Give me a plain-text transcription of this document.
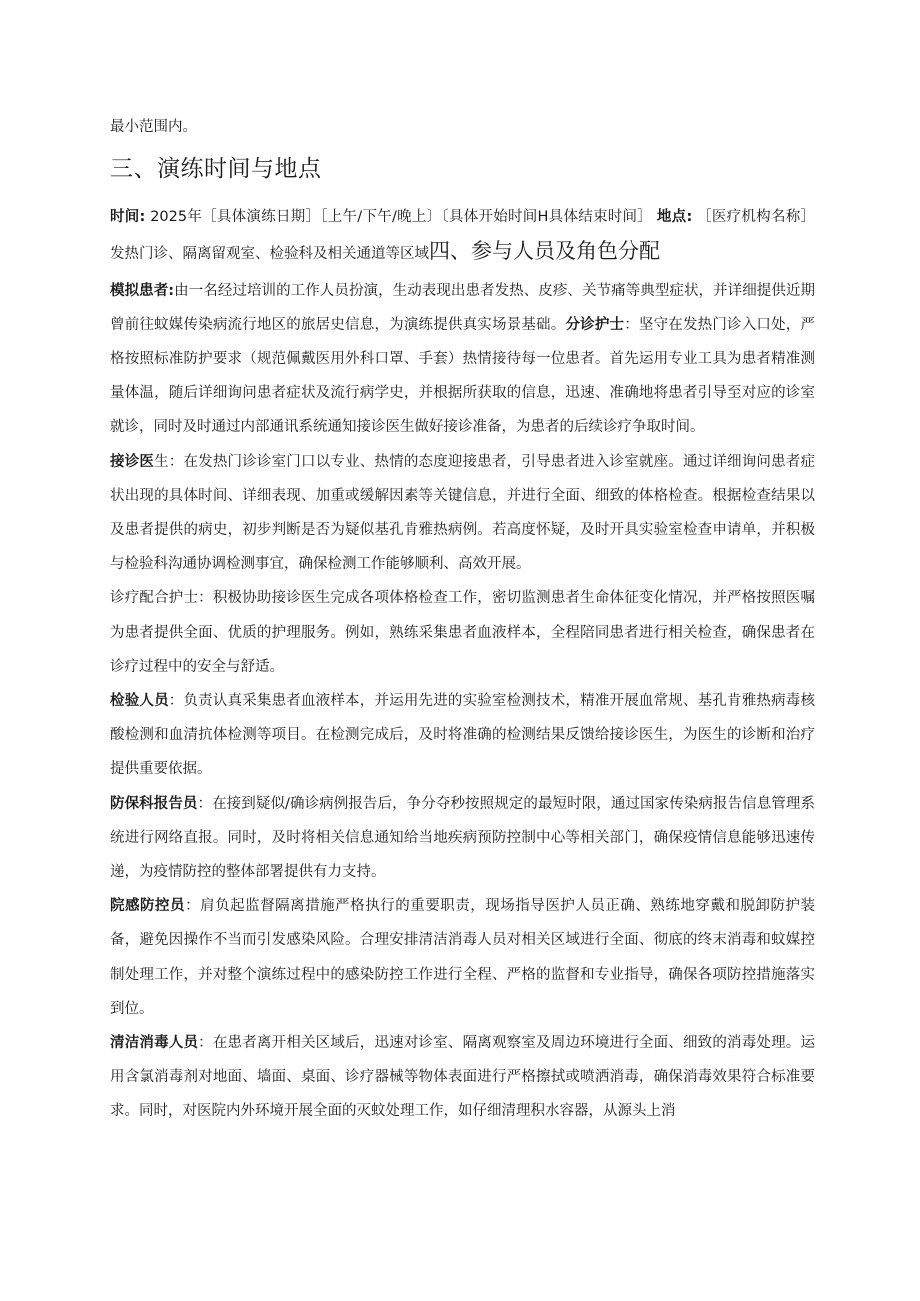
最小范围内。

三、演练时间与地点

时间: 2025年［具体演练日期］［上午/下午/晚上〕〔具体开始时间H具体结束时间］ 地点: ［医疗机构名称］发热门诊、隔离留观室、检验科及相关通道等区域四、参与人员及角色分配

模拟患者:由一名经过培训的工作人员扮演，生动表现出患者发热、皮疹、关节痛等典型症状，并详细提供近期曾前往蚊媒传染病流行地区的旅居史信息，为演练提供真实场景基础。分诊护士：坚守在发热门诊入口处，严格按照标准防护要求（规范佩戴医用外科口罩、手套）热情接待每一位患者。首先运用专业工具为患者精准测量体温，随后详细询问患者症状及流行病学史，并根据所获取的信息，迅速、准确地将患者引导至对应的诊室就诊，同时及时通过内部通讯系统通知接诊医生做好接诊准备，为患者的后续诊疗争取时间。

接诊医生：在发热门诊诊室门口以专业、热情的态度迎接患者，引导患者进入诊室就座。通过详细询问患者症状出现的具体时间、详细表现、加重或缓解因素等关键信息，并进行全面、细致的体格检查。根据检查结果以及患者提供的病史，初步判断是否为疑似基孔肯雅热病例。若高度怀疑，及时开具实验室检查申请单，并积极与检验科沟通协调检测事宜，确保检测工作能够顺利、高效开展。

诊疗配合护士：积极协助接诊医生完成各项体格检查工作，密切监测患者生命体征变化情况，并严格按照医嘱为患者提供全面、优质的护理服务。例如，熟练采集患者血液样本，全程陪同患者进行相关检查，确保患者在诊疗过程中的安全与舒适。

检验人员：负责认真采集患者血液样本，并运用先进的实验室检测技术，精准开展血常规、基孔肯雅热病毒核酸检测和血清抗体检测等项目。在检测完成后，及时将准确的检测结果反馈给接诊医生，为医生的诊断和治疗提供重要依据。

防保科报告员：在接到疑似/确诊病例报告后，争分夺秒按照规定的最短时限，通过国家传染病报告信息管理系统进行网络直报。同时，及时将相关信息通知给当地疾病预防控制中心等相关部门，确保疫情信息能够迅速传递，为疫情防控的整体部署提供有力支持。

院感防控员：肩负起监督隔离措施严格执行的重要职责，现场指导医护人员正确、熟练地穿戴和脱卸防护装备，避免因操作不当而引发感染风险。合理安排清洁消毒人员对相关区域进行全面、彻底的终末消毒和蚊媒控制处理工作，并对整个演练过程中的感染防控工作进行全程、严格的监督和专业指导，确保各项防控措施落实到位。

清洁消毒人员：在患者离开相关区域后，迅速对诊室、隔离观察室及周边环境进行全面、细致的消毒处理。运用含氯消毒剂对地面、墙面、桌面、诊疗器械等物体表面进行严格擦拭或喷洒消毒，确保消毒效果符合标准要求。同时，对医院内外环境开展全面的灭蚊处理工作，如仔细清理积水容器，从源头上消
